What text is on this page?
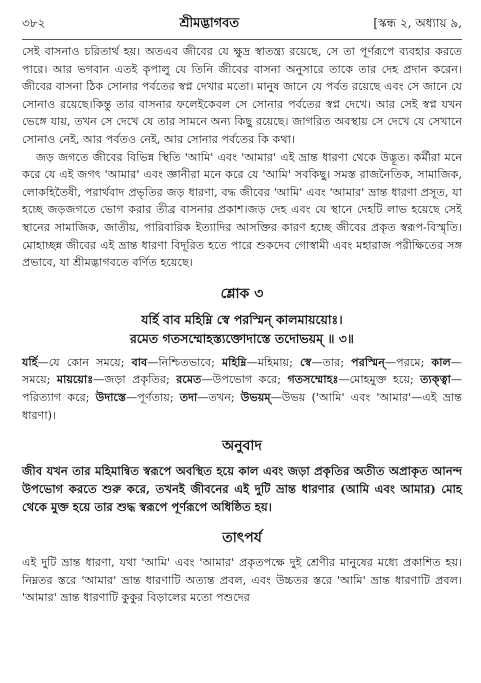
৩৮২	শ্রীমদ্ভাগবত	[স্কন্ধ ২, অধ্যায় ৯,

সেই বাসনাও চরিতার্থ হয়। অতএব জীবের যে ক্ষুদ্র স্বাতন্ত্র্য রয়েছে, সে তা পূর্ণরূপে ব্যবহার করতে পারে। আর ভগবান এতই কৃপালু যে তিনি জীবের বাসনা অনুসারে তাকে তার দেহ প্রদান করেন। জীবের বাসনা ঠিক সোনার পর্বতের স্বপ্ন দেখার মতো। মানুষ জানে যে পর্বত রয়েছে এবং সে জানে যে সোনাও রয়েছে।কিন্তু তার বাসনার ফলেইকেবল সে সোনার পর্বতের স্বপ্ন দেখে। আর সেই স্বপ্ন যখন ভেঙ্গে যায়, তখন সে দেখে যে তার সামনে অন্য কিছু রয়েছে। জাগরিত অবস্থায় সে দেখে যে সেখানে সোনাও নেই, আর পর্বতও নেই, আর সোনার পর্বতের কি কথা।

জড় জগতে জীবের বিভিন্ন স্থিতি 'আমি' এবং 'আমার' এই ভ্রান্ত ধারণা থেকে উদ্ভূত। কর্মীরা মনে করে যে এই জগৎ 'আমার' এবং জ্ঞানীরা মনে করে যে 'আমি' সবকিছু। সমস্ত রাজনৈতিক, সামাজিক, লোকহিতৈষী, পরার্থবাদ প্রভৃতির জড় ধারণা, বদ্ধ জীবের 'আমি' এবং 'আমার' ভ্রান্ত ধারণা প্রসূত, যা হচ্ছে জড়জগতে ভোগ করার তীব্র বাসনার প্রকাশ।জড় দেহ এবং যে স্থানে দেহটি লাভ হয়েছে সেই স্থানের সামাজিক, জাতীয়, পারিবারিক ইত্যাদির আসক্তির কারণ হচ্ছে জীবের প্রকৃত স্বরূপ-বিস্মৃতি। মোহাচ্ছন্ন জীবের এই ভ্রান্ত ধারণা বিদূরিত হতে পারে শুকদেব গোস্বামী এবং মহারাজ পরীক্ষিতের সঙ্গ প্রভাবে, যা শ্রীমদ্ভাগবতে বর্ণিত হয়েছে।

শ্লোক ৩

যর্হি বাব মহিম্নি স্বে পরস্মিন্ কালমায়য়োঃ।

রমেত গতসম্মোহস্ত্যক্তোদাস্তে তদোভয়ম্ ॥ ৩॥

যর্হি—যে কোন সময়ে; বাব—নিশ্চিতভাবে; মহিম্নি—মহিমায়; স্বে—তার; পরস্মিন্—পরমে; কাল—সময়ে; মায়য়োঃ—জড়া প্রকৃতির; রমেত—উপভোগ করে; গতসম্মোহঃ—মোহমুক্ত হয়ে; ত্যক্ত্বা—পরিত্যাগ করে; উদাস্তে—পূর্ণতায়; তদা—তখন; উভয়ম্—উভয় ('আমি' এবং 'আমার'—এই ভ্রান্ত ধারণা)।

অনুবাদ

জীব যখন তার মহিমান্বিত স্বরূপে অবস্থিত হয়ে কাল এবং জড়া প্রকৃতির অতীত অপ্রাকৃত আনন্দ উপভোগ করতে শুরু করে, তখনই জীবনের এই দুটি ভ্রান্ত ধারণার (আমি এবং আমার) মোহ থেকে মুক্ত হয়ে তার শুদ্ধ স্বরূপে পূর্ণরূপে অধিষ্ঠিত হয়।

তাৎপর্য

এই দুটি ভ্রান্ত ধারণা, যথা 'আমি' এবং 'আমার' প্রকৃতপক্ষে দুই শ্রেণীর মানুষের মধ্যে প্রকাশিত হয়। নিম্নতর স্তরে 'আমার' ভ্রান্ত ধারণাটি অত্যন্ত প্রবল, এবং উচ্চতর স্তরে 'আমি' ভ্রান্ত ধারণাটি প্রবল। 'আমার' ভ্রান্ত ধারণাটি কুকুর বিড়ালের মতো পশুদের
